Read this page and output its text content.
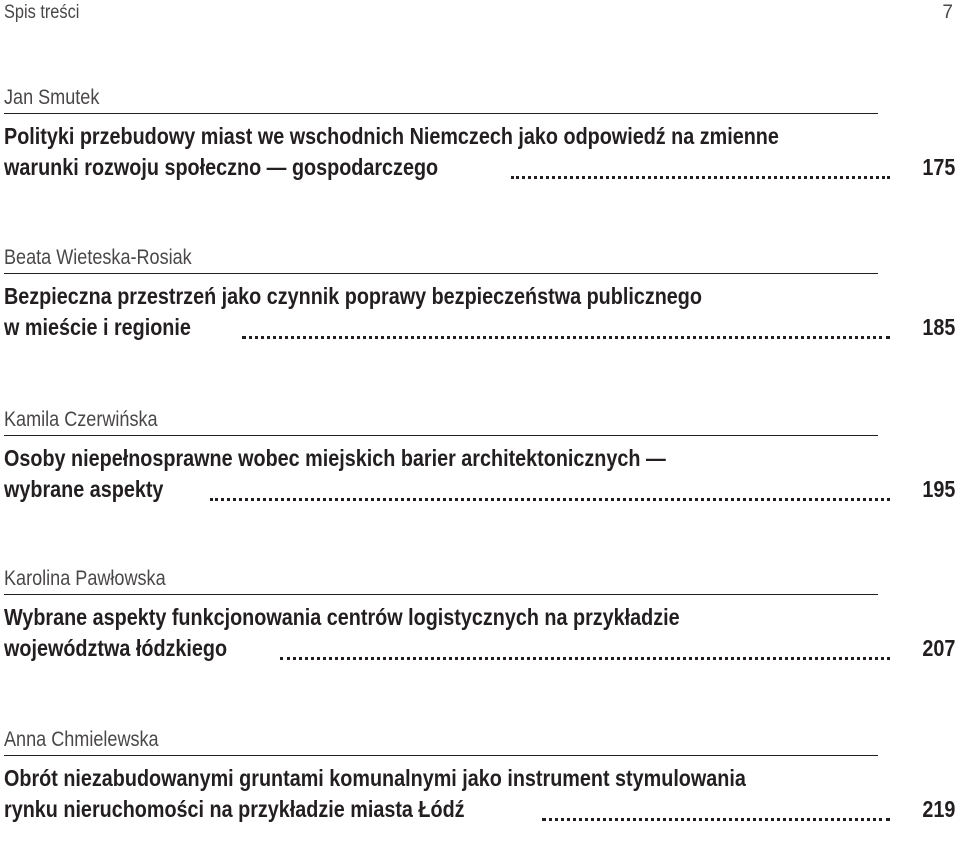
Spis treści	7
Jan Smutek
Polityki przebudowy miast we wschodnich Niemczech jako odpowiedź na zmienne
warunki rozwoju społeczno — gospodarczego	175
Beata Wieteska-Rosiak
Bezpieczna przestrzeń jako czynnik poprawy bezpieczeństwa publicznego
w mieście i regionie	185
Kamila Czerwińska
Osoby niepełnosprawne wobec miejskich barier architektonicznych —
wybrane aspekty	195
Karolina Pawłowska
Wybrane aspekty funkcjonowania centrów logistycznych na przykładzie
województwa łódzkiego	207
Anna Chmielewska
Obrót niezabudowanymi gruntami komunalnymi jako instrument stymulowania
rynku nieruchomości na przykładzie miasta Łódź	219
